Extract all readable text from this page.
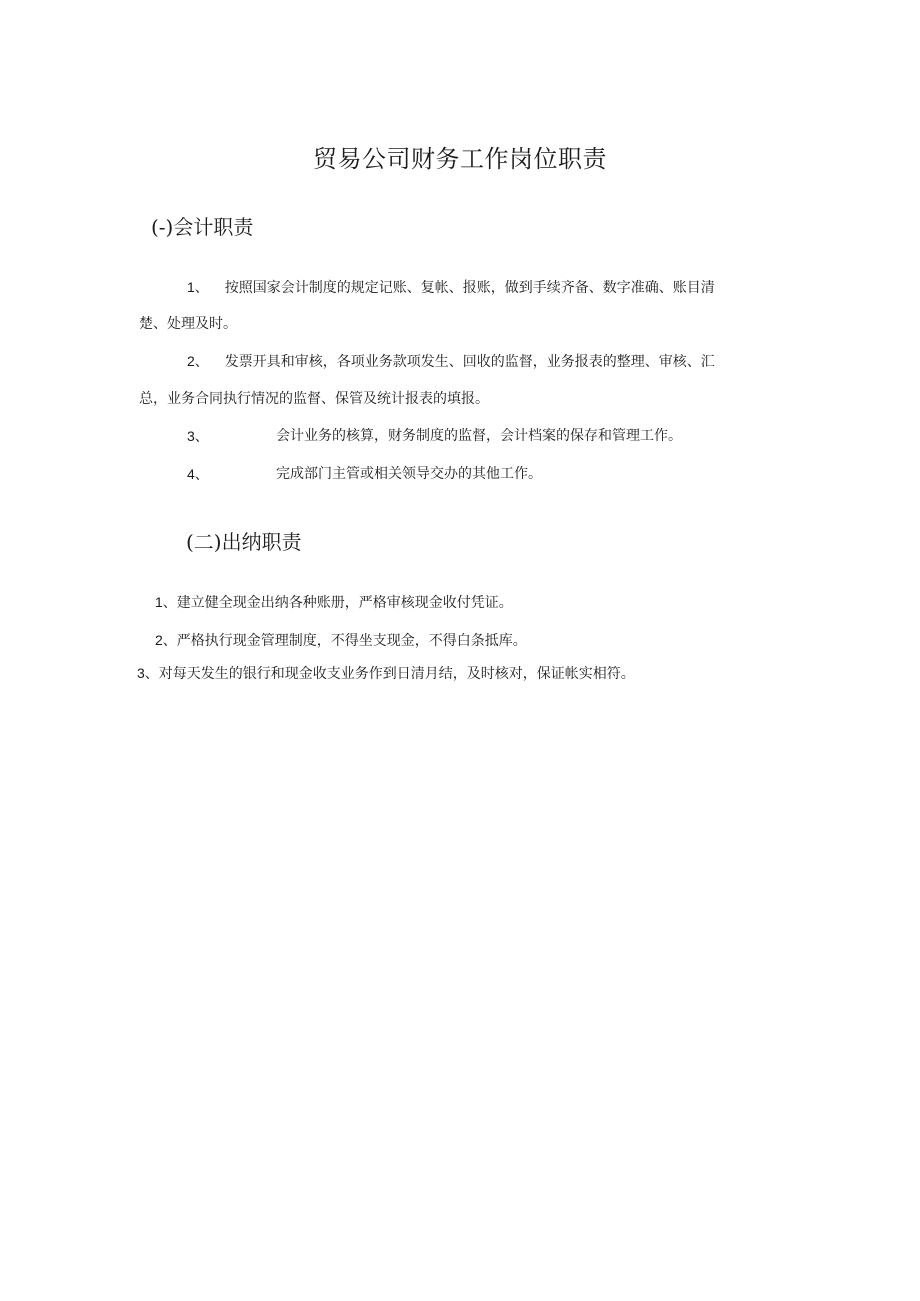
贸易公司财务工作岗位职责
(-)会计职责
1、 按照国家会计制度的规定记账、复帐、报账，做到手续齐备、数字准确、账目清
楚、处理及时。
2、 发票开具和审核，各项业务款项发生、回收的监督，业务报表的整理、审核、汇
总，业务合同执行情况的监督、保管及统计报表的填报。
3、	会计业务的核算，财务制度的监督，会计档案的保存和管理工作。
4、	完成部门主管或相关领导交办的其他工作。
(二)出纳职责
1、建立健全现金出纳各种账册，严格审核现金收付凭证。
2、严格执行现金管理制度，不得坐支现金，不得白条抵库。
3、对每天发生的银行和现金收支业务作到日清月结，及时核对，保证帐实相符。
